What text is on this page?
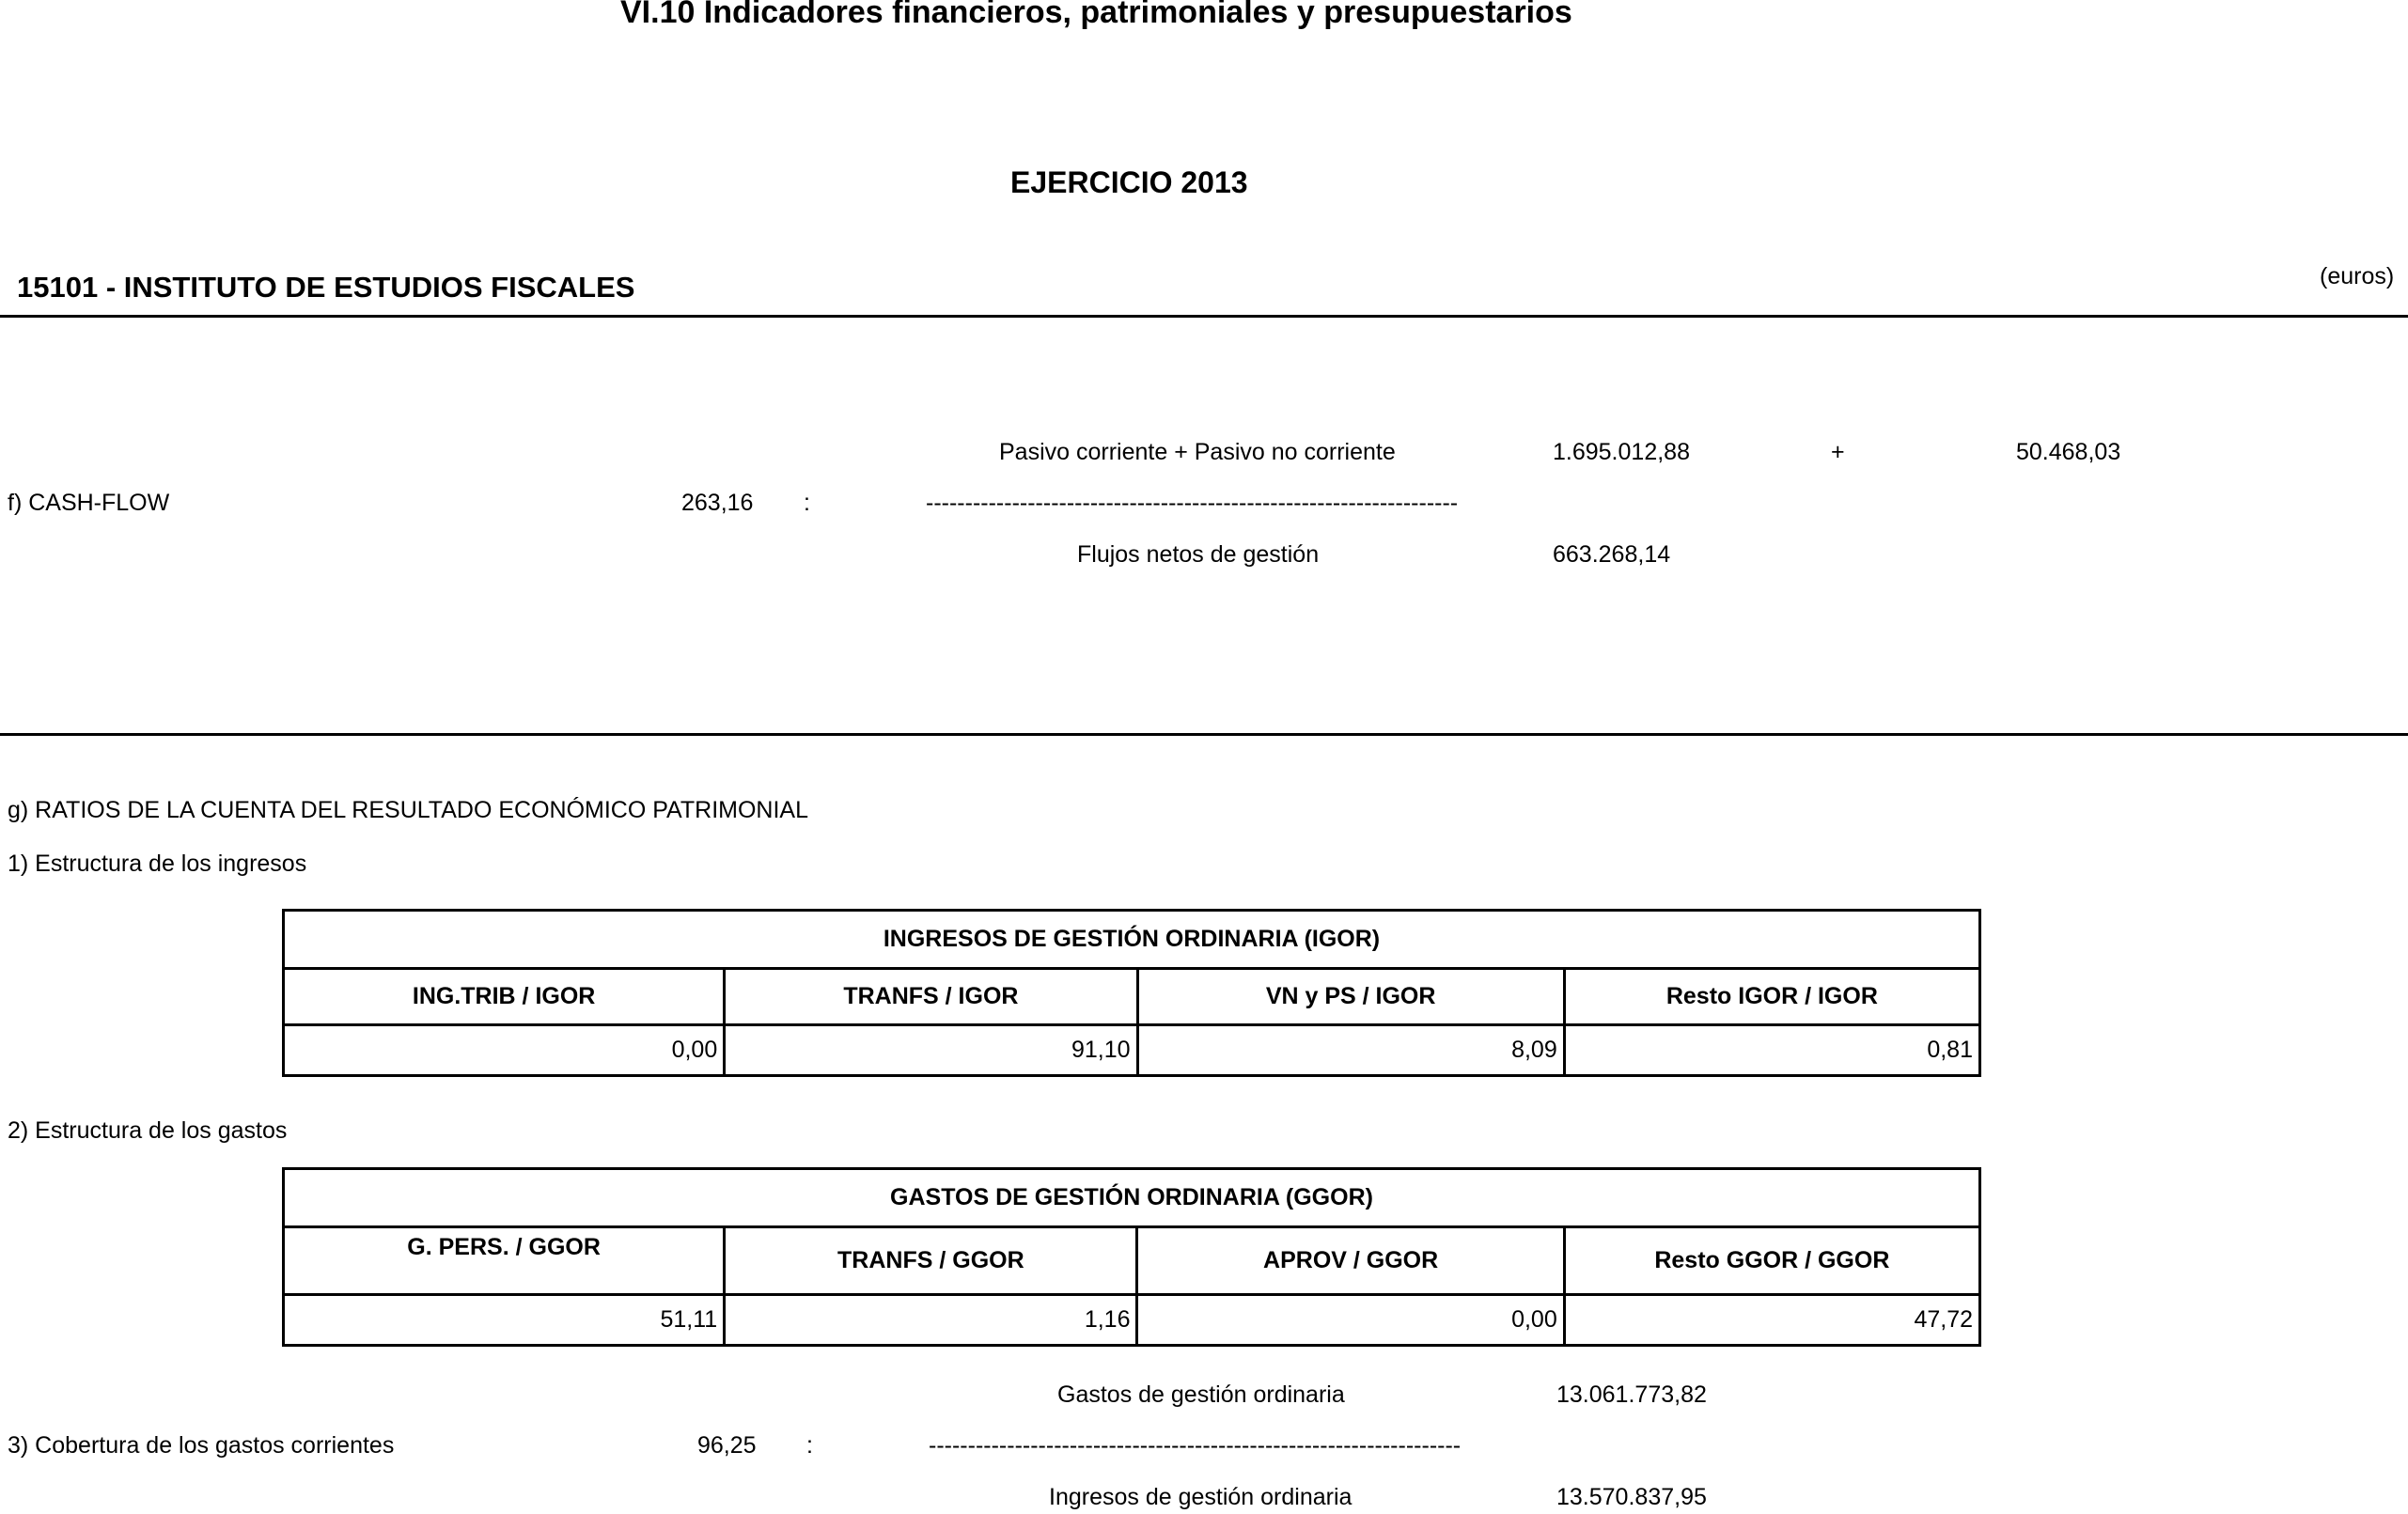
VI.10 Indicadores financieros, patrimoniales y presupuestarios
EJERCICIO 2013
15101 - INSTITUTO DE ESTUDIOS FISCALES	(euros)
Pasivo corriente + Pasivo no corriente	1.695.012,88	+	50.468,03
f) CASH-FLOW	263,16 :	--------------------------------------------------------------------
Flujos netos de gestión	663.268,14
g) RATIOS DE LA CUENTA DEL RESULTADO ECONÓMICO PATRIMONIAL
1) Estructura de los ingresos
INGRESOS DE GESTIÓN ORDINARIA (IGOR)			
ING.TRIB / IGOR	TRANFS / IGOR	VN y PS / IGOR	Resto IGOR / IGOR
0,00	91,10	8,09	0,81
2) Estructura de los gastos
GASTOS DE GESTIÓN ORDINARIA (GGOR)			
G. PERS. / GGOR	TRANFS / GGOR	APROV / GGOR	Resto GGOR / GGOR
51,11	1,16	0,00	47,72
Gastos de gestión ordinaria	13.061.773,82
3) Cobertura de los gastos corrientes	96,25 :	--------------------------------------------------------------------
Ingresos de gestión ordinaria	13.570.837,95
